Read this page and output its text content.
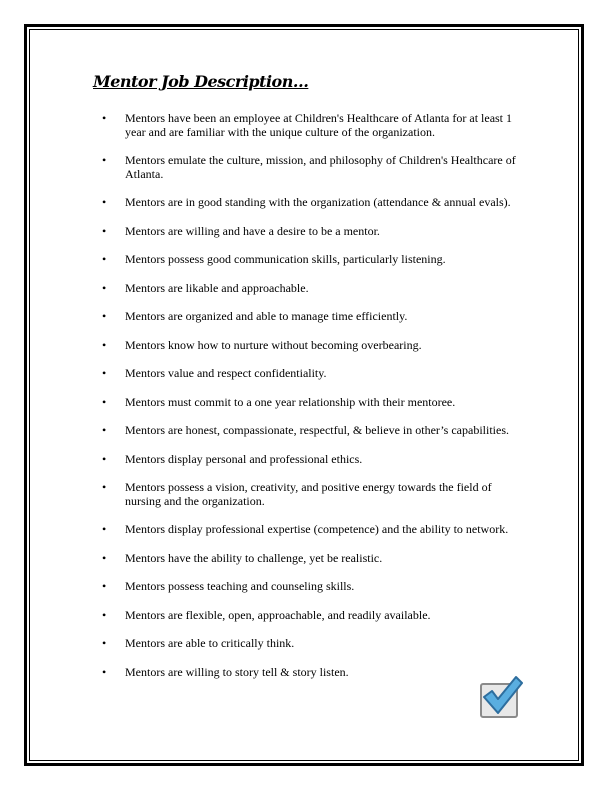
Mentor Job Description…
• Mentors have been an employee at Children's Healthcare of Atlanta for at least 1 year and are familiar with the unique culture of the organization.
• Mentors emulate the culture, mission, and philosophy of Children's Healthcare of Atlanta.
• Mentors are in good standing with the organization (attendance & annual evals).
• Mentors are willing and have a desire to be a mentor.
• Mentors possess good communication skills, particularly listening.
• Mentors are likable and approachable.
• Mentors are organized and able to manage time efficiently.
• Mentors know how to nurture without becoming overbearing.
• Mentors value and respect confidentiality.
• Mentors must commit to a one year relationship with their mentoree.
• Mentors are honest, compassionate, respectful, & believe in other’s capabilities.
• Mentors display personal and professional ethics.
• Mentors possess a vision, creativity, and positive energy towards the field of nursing and the organization.
• Mentors display professional expertise (competence) and the ability to network.
• Mentors have the ability to challenge, yet be realistic.
• Mentors possess teaching and counseling skills.
• Mentors are flexible, open, approachable, and readily available.
• Mentors are able to critically think.
• Mentors are willing to story tell & story listen.
